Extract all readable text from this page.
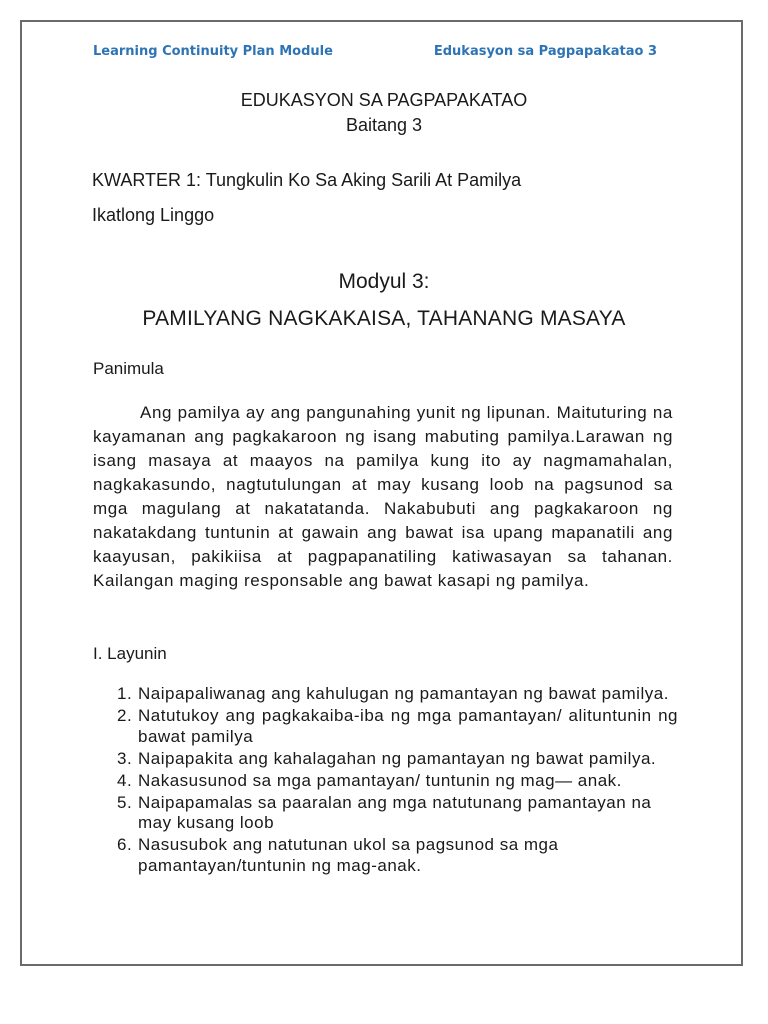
Learning Continuity Plan Module	Edukasyon sa Pagpapakatao 3
EDUKASYON SA PAGPAPAKATAO
Baitang 3
KWARTER 1: Tungkulin Ko Sa Aking Sarili At Pamilya
Ikatlong Linggo
Modyul 3:
PAMILYANG NAGKAKAISA, TAHANANG MASAYA
Panimula

Ang pamilya ay ang pangunahing yunit ng lipunan. Maituturing na kayamanan ang pagkakaroon ng isang mabuting pamilya.Larawan ng isang masaya at maayos na pamilya kung ito ay nagmamahalan, nagkakasundo, nagtutulungan at may kusang loob na pagsunod sa mga magulang at nakatatanda. Nakabubuti ang pagkakaroon ng nakatakdang tuntunin at gawain ang bawat isa upang mapanatili ang kaayusan, pakikiisa at pagpapanatiling katiwasayan sa tahanan. Kailangan maging responsable ang bawat kasapi ng pamilya.

I. Layunin
1. Naipapaliwanag ang kahulugan ng pamantayan ng bawat pamilya.
2. Natutukoy ang pagkakaiba-iba ng mga pamantayan/ alituntunin ng bawat pamilya
3. Naipapakita ang kahalagahan ng pamantayan ng bawat pamilya.
4. Nakasusunod sa mga pamantayan/ tuntunin ng mag— anak.
5. Naipapamalas sa paaralan ang mga natutunang pamantayan na may kusang loob
6. Nasusubok ang natutunan ukol sa pagsunod sa mga pamantayan/tuntunin ng mag-anak.
